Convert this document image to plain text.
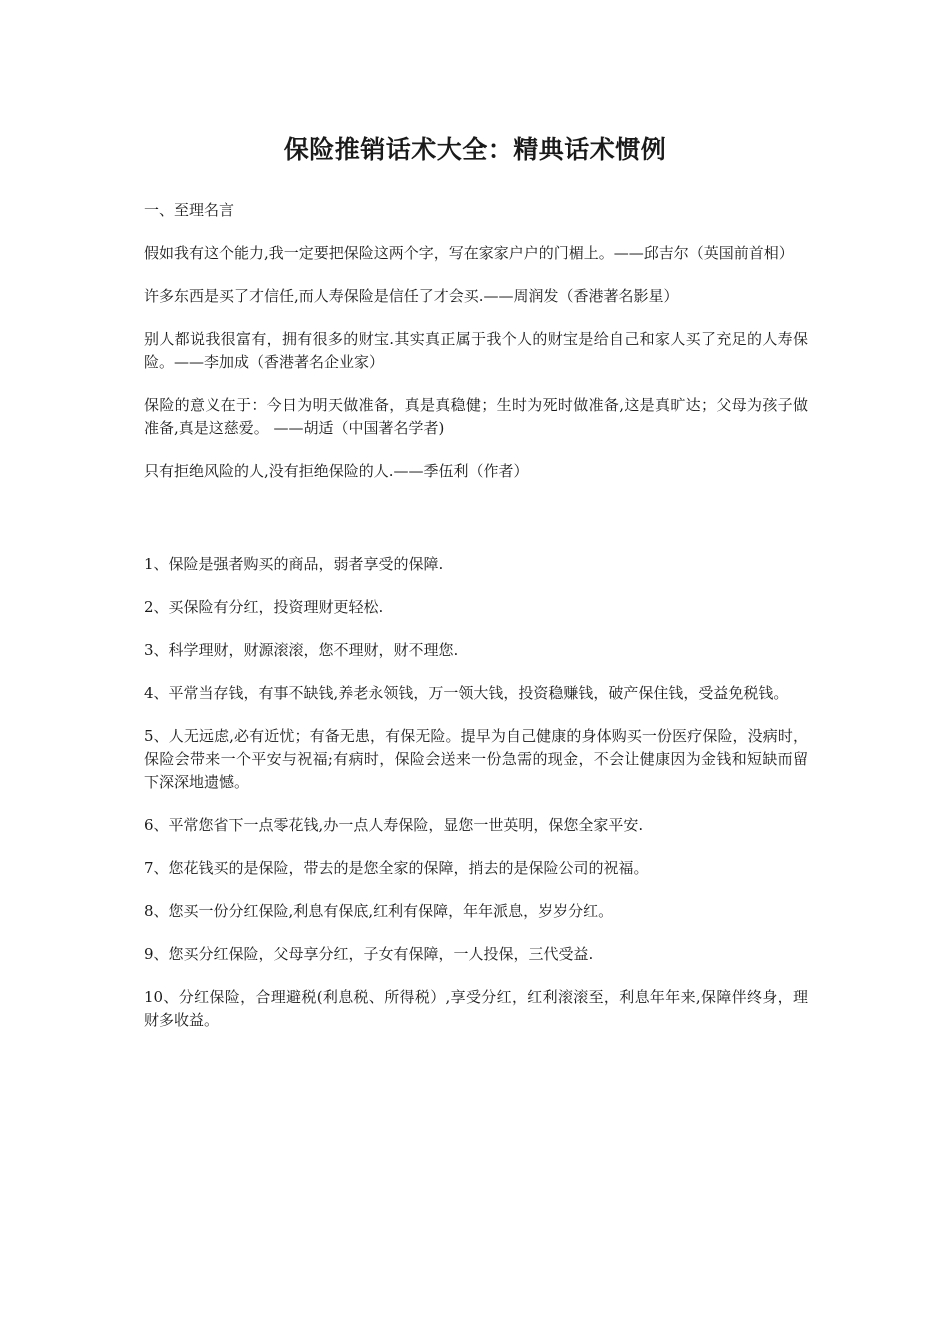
保险推销话术大全：精典话术惯例

一、至理名言

假如我有这个能力,我一定要把保险这两个字，写在家家户户的门楣上。——邱吉尔（英国前首相）

许多东西是买了才信任,而人寿保险是信任了才会买.——周润发（香港著名影星）

别人都说我很富有，拥有很多的财宝.其实真正属于我个人的财宝是给自己和家人买了充足的人寿保险。——李加成（香港著名企业家）

保险的意义在于：今日为明天做准备，真是真稳健；生时为死时做准备,这是真旷达；父母为孩子做准备,真是这慈爱。 ——胡适（中国著名学者)

只有拒绝风险的人,没有拒绝保险的人.——季伍利（作者）

1、保险是强者购买的商品，弱者享受的保障.

2、买保险有分红，投资理财更轻松.

3、科学理财，财源滚滚，您不理财，财不理您.

4、平常当存钱，有事不缺钱,养老永领钱，万一领大钱，投资稳赚钱，破产保住钱，受益免税钱。

5、人无远虑,必有近忧；有备无患，有保无险。提早为自己健康的身体购买一份医疗保险，没病时，保险会带来一个平安与祝福;有病时，保险会送来一份急需的现金，不会让健康因为金钱和短缺而留下深深地遗憾。

6、平常您省下一点零花钱,办一点人寿保险，显您一世英明，保您全家平安.

7、您花钱买的是保险，带去的是您全家的保障，捎去的是保险公司的祝福。

8、您买一份分红保险,利息有保底,红利有保障，年年派息，岁岁分红。

9、您买分红保险，父母享分红，子女有保障，一人投保，三代受益.

10、分红保险，合理避税(利息税、所得税）,享受分红，红利滚滚至，利息年年来,保障伴终身，理财多收益。
